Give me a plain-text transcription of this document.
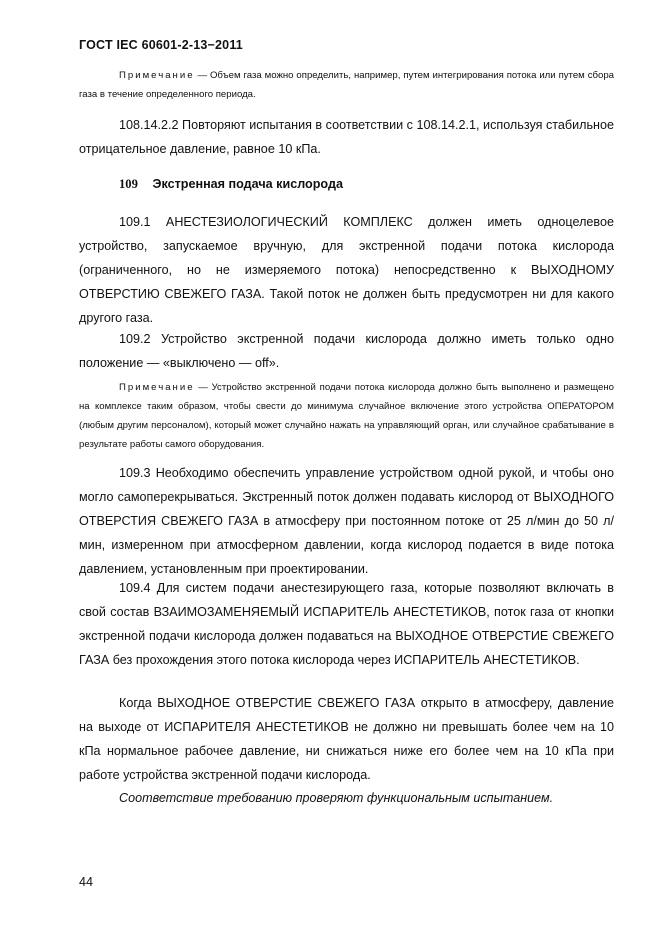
ГОСТ IEC 60601-2-13−2011

Примечание — Объем газа можно определить, например, путем интегрирования потока или путем сбора газа в течение определенного периода.

108.14.2.2 Повторяют испытания в соответствии с 108.14.2.1, используя стабильное отрицательное давление, равное 10 кПа.

109 Экстренная подача кислорода

109.1 АНЕСТЕЗИОЛОГИЧЕСКИЙ КОМПЛЕКС должен иметь одноцелевое устройство, запускаемое вручную, для экстренной подачи потока кислорода (ограниченного, но не измеряемого потока) непосредственно к ВЫХОДНОМУ ОТВЕРСТИЮ СВЕЖЕГО ГАЗА. Такой поток не должен быть предусмотрен ни для какого другого газа.

109.2 Устройство экстренной подачи кислорода должно иметь только одно положение — «выключено — off».

Примечание — Устройство экстренной подачи потока кислорода должно быть выполнено и размещено на комплексе таким образом, чтобы свести до минимума случайное включение этого устройства ОПЕРАТОРОМ (любым другим персоналом), который может случайно нажать на управляющий орган, или случайное срабатывание в результате работы самого оборудования.

109.3 Необходимо обеспечить управление устройством одной рукой, и чтобы оно могло самоперекрываться. Экстренный поток должен подавать кислород от ВЫХОДНОГО ОТВЕРСТИЯ СВЕЖЕГО ГАЗА в атмосферу при постоянном потоке от 25 л/мин до 50 л/мин, измеренном при атмосферном давлении, когда кислород подается в виде потока давлением, установленным при проектировании.

109.4 Для систем подачи анестезирующего газа, которые позволяют включать в свой состав ВЗАИМОЗАМЕНЯЕМЫЙ ИСПАРИТЕЛЬ АНЕСТЕТИКОВ, поток газа от кнопки экстренной подачи кислорода должен подаваться на ВЫХОДНОЕ ОТВЕРСТИЕ СВЕЖЕГО ГАЗА без прохождения этого потока кислорода через ИСПАРИТЕЛЬ АНЕСТЕТИКОВ.

Когда ВЫХОДНОЕ ОТВЕРСТИЕ СВЕЖЕГО ГАЗА открыто в атмосферу, давление на выходе от ИСПАРИТЕЛЯ АНЕСТЕТИКОВ не должно ни превышать более чем на 10 кПа нормальное рабочее давление, ни снижаться ниже его более чем на 10 кПа при работе устройства экстренной подачи кислорода.

Соответствие требованию проверяют функциональным испытанием.

44
